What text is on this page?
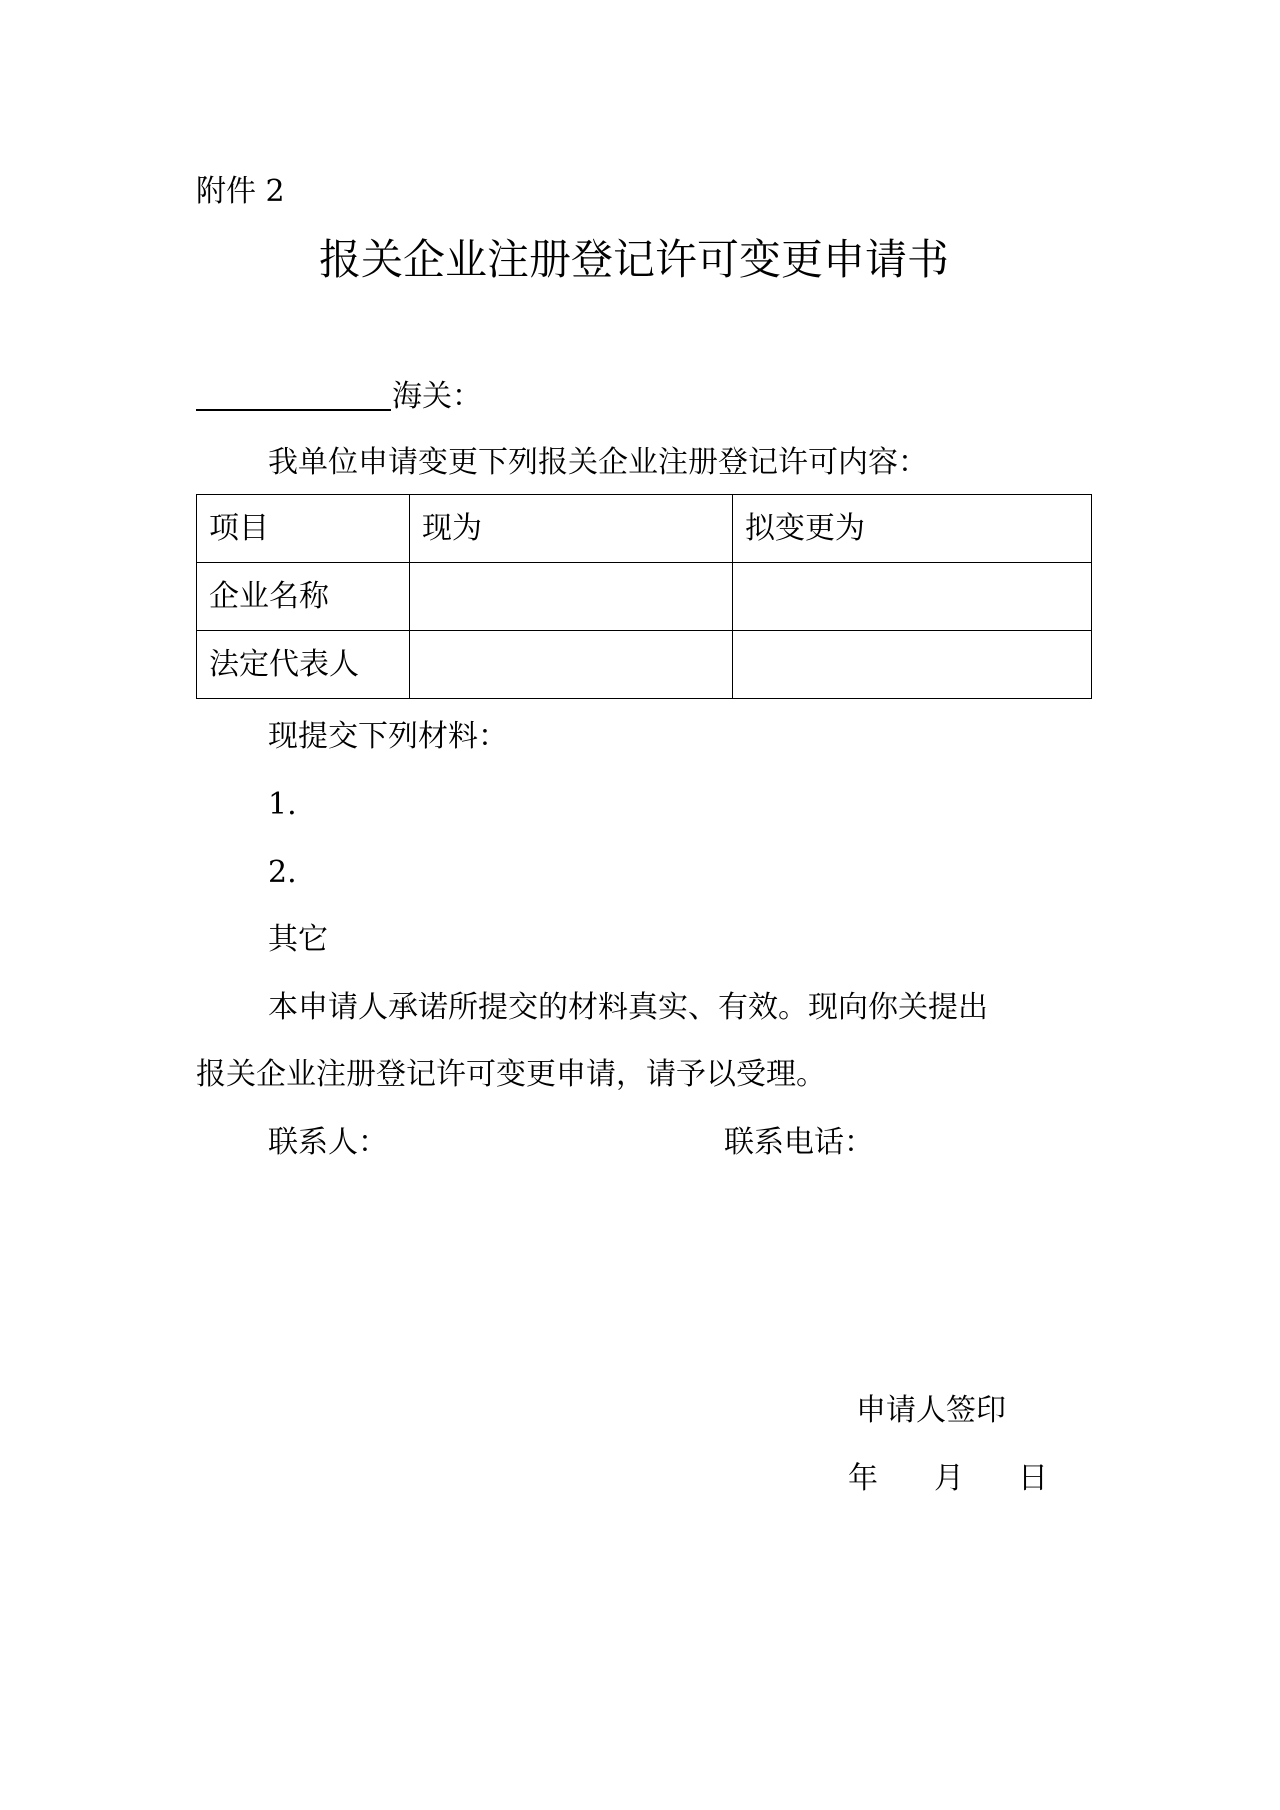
附件 2
报关企业注册登记许可变更申请书
海关：
我单位申请变更下列报关企业注册登记许可内容：
项目	现为	拟变更为
企业名称		
法定代表人		
现提交下列材料：
1.
2.
其它
本申请人承诺所提交的材料真实、有效。现向你关提出
报关企业注册登记许可变更申请，请予以受理。
联系人：	联系电话：
申请人签印
年 月 日
